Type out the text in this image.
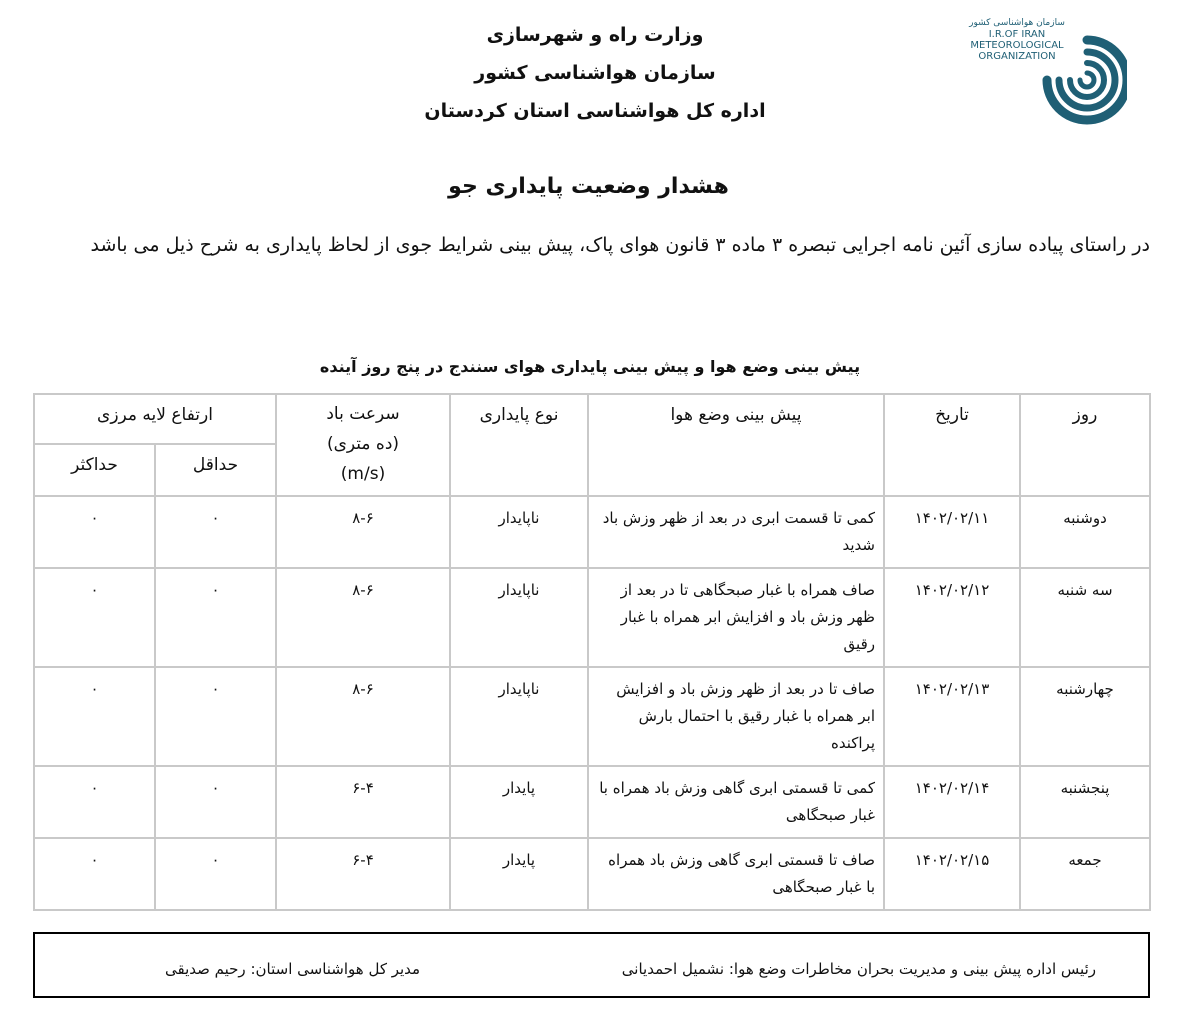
وزارت راه و شهرسازی
سازمان هواشناسی کشور
اداره کل هواشناسی استان کردستان
سازمان هواشناسی کشور
I.R.OF IRAN
METEOROLOGICAL
ORGANIZATION
هشدار وضعیت پایداری جو
در راستای پیاده سازی آئین نامه اجرایی تبصره ۳ ماده ۳ قانون هوای پاک، پیش بینی شرایط جوی از لحاظ پایداری به شرح ذیل می باشد
پیش بینی وضع هوا و پیش بینی پایداری هوای سنندج در پنج روز آینده
روز	تاریخ	پیش بینی وضع هوا	نوع پایداری	سرعت باد
(ده متری)
(m/s)	ارتفاع لایه مرزی	
					حداقل	حداکثر
دوشنبه	۱۴۰۲/۰۲/۱۱	کمی تا قسمت ابری در بعد از ظهر وزش باد شدید	ناپایدار	۸-۶	۰	۰
سه شنبه	۱۴۰۲/۰۲/۱۲	صاف همراه با غبار صبحگاهی تا در بعد از ظهر وزش باد و افزایش ابر همراه با غبار رقیق	ناپایدار	۸-۶	۰	۰
چهارشنبه	۱۴۰۲/۰۲/۱۳	صاف تا در بعد از ظهر وزش باد و افزایش ابر همراه با غبار رقیق با احتمال بارش پراکنده	ناپایدار	۸-۶	۰	۰
پنجشنبه	۱۴۰۲/۰۲/۱۴	کمی تا قسمتی ابری گاهی وزش باد همراه با غبار صبحگاهی	پایدار	۶-۴	۰	۰
جمعه	۱۴۰۲/۰۲/۱۵	صاف تا قسمتی ابری گاهی وزش باد همراه با غبار صبحگاهی	پایدار	۶-۴	۰	۰
رئیس اداره پیش بینی و مدیریت بحران مخاطرات وضع هوا: نشمیل احمدیانی
مدیر کل هواشناسی استان: رحیم صدیقی
